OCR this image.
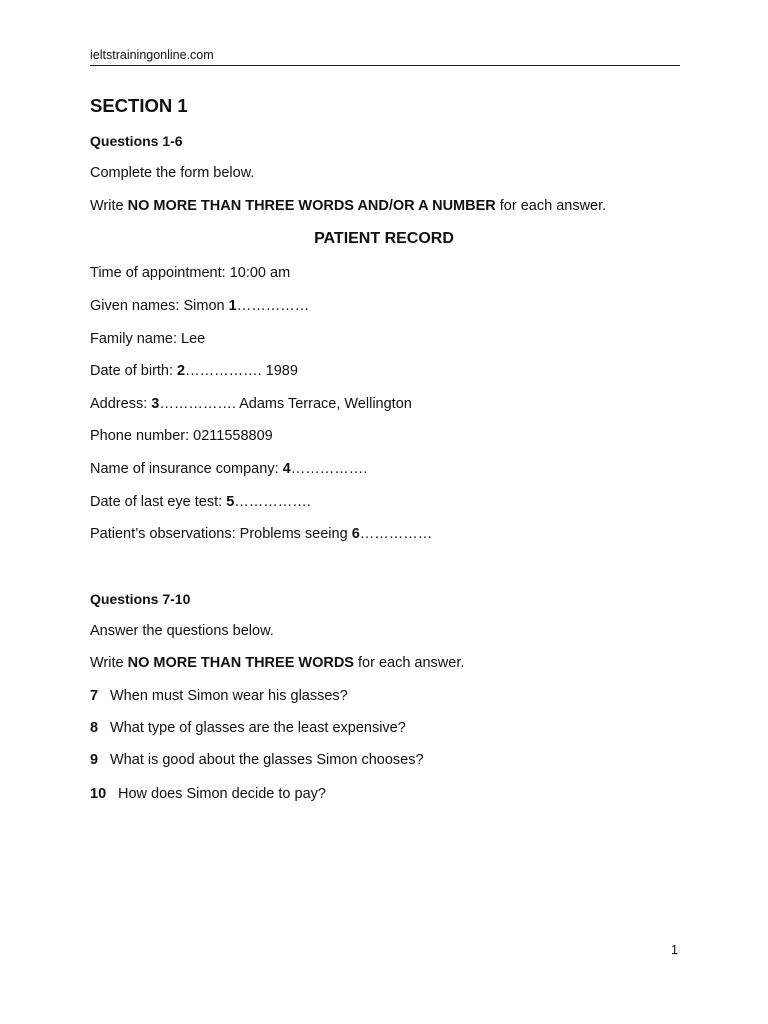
ieltstrainingonline.com
SECTION 1
Questions 1-6
Complete the form below.
Write NO MORE THAN THREE WORDS AND/OR A NUMBER for each answer.
PATIENT RECORD
Time of appointment: 10:00 am
Given names: Simon 1……………
Family name: Lee
Date of birth: 2……………. 1989
Address: 3……………. Adams Terrace, Wellington
Phone number: 0211558809
Name of insurance company: 4…………….
Date of last eye test: 5…………….
Patient’s observations: Problems seeing 6……………
Questions 7-10
Answer the questions below.
Write NO MORE THAN THREE WORDS for each answer.
7 When must Simon wear his glasses?
8 What type of glasses are the least expensive?
9 What is good about the glasses Simon chooses?
10 How does Simon decide to pay?
1
